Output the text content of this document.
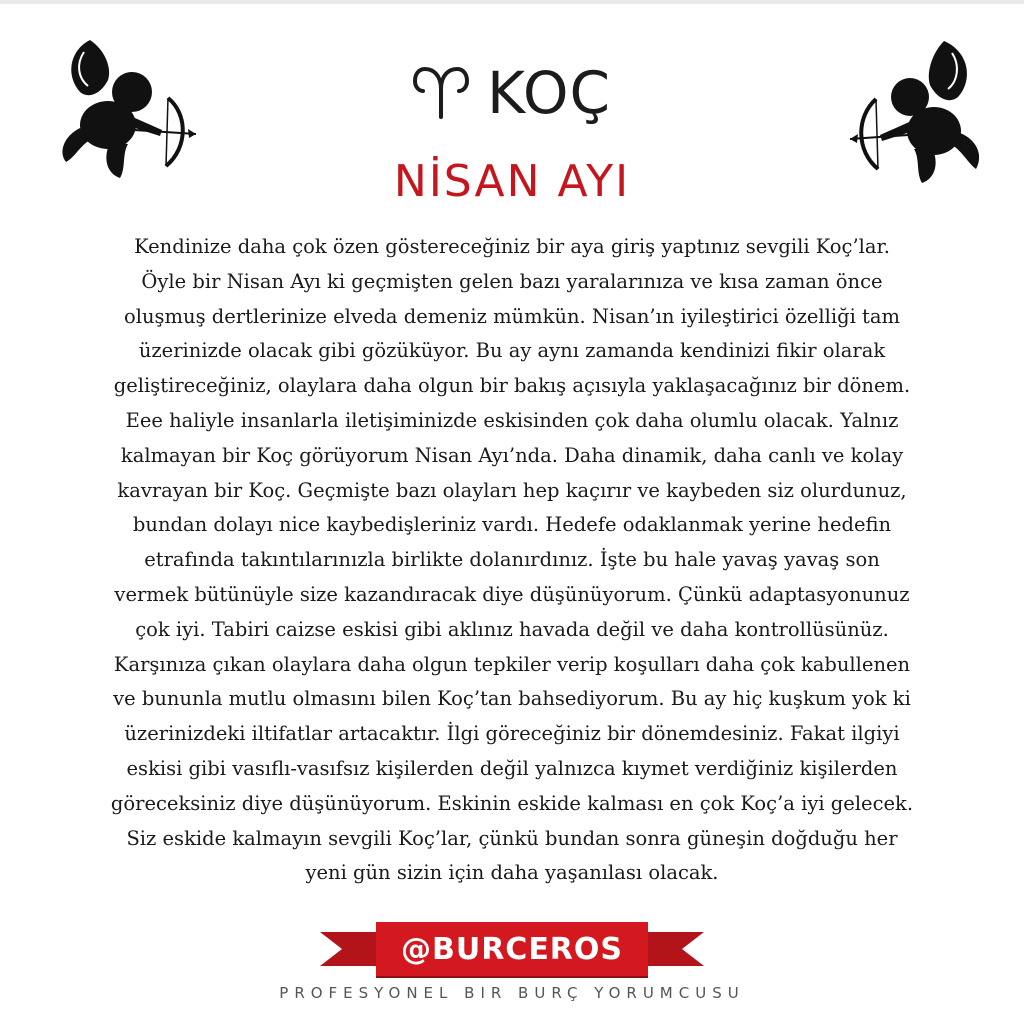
KOÇ
NİSAN AYI
Kendinize daha çok özen göstereceğiniz bir aya giriş yaptınız sevgili Koç’lar.
Öyle bir Nisan Ayı ki geçmişten gelen bazı yaralarınıza ve kısa zaman önce
oluşmuş dertlerinize elveda demeniz mümkün. Nisan’ın iyileştirici özelliği tam
üzerinizde olacak gibi gözüküyor. Bu ay aynı zamanda kendinizi fikir olarak
geliştireceğiniz, olaylara daha olgun bir bakış açısıyla yaklaşacağınız bir dönem.
Eee haliyle insanlarla iletişiminizde eskisinden çok daha olumlu olacak. Yalnız
kalmayan bir Koç görüyorum Nisan Ayı’nda. Daha dinamik, daha canlı ve kolay
kavrayan bir Koç. Geçmişte bazı olayları hep kaçırır ve kaybeden siz olurdunuz,
bundan dolayı nice kaybedişleriniz vardı. Hedefe odaklanmak yerine hedefin
etrafında takıntılarınızla birlikte dolanırdınız. İşte bu hale yavaş yavaş son
vermek bütünüyle size kazandıracak diye düşünüyorum. Çünkü adaptasyonunuz
çok iyi. Tabiri caizse eskisi gibi aklınız havada değil ve daha kontrollüsünüz.
Karşınıza çıkan olaylara daha olgun tepkiler verip koşulları daha çok kabullenen
ve bununla mutlu olmasını bilen Koç’tan bahsediyorum. Bu ay hiç kuşkum yok ki
üzerinizdeki iltifatlar artacaktır. İlgi göreceğiniz bir dönemdesiniz. Fakat ilgiyi
eskisi gibi vasıflı-vasıfsız kişilerden değil yalnızca kıymet verdiğiniz kişilerden
göreceksiniz diye düşünüyorum. Eskinin eskide kalması en çok Koç’a iyi gelecek.
Siz eskide kalmayın sevgili Koç’lar, çünkü bundan sonra güneşin doğduğu her
yeni gün sizin için daha yaşanılası olacak.
@BURCEROS
PROFESYONEL BIR BURÇ YORUMCUSU
